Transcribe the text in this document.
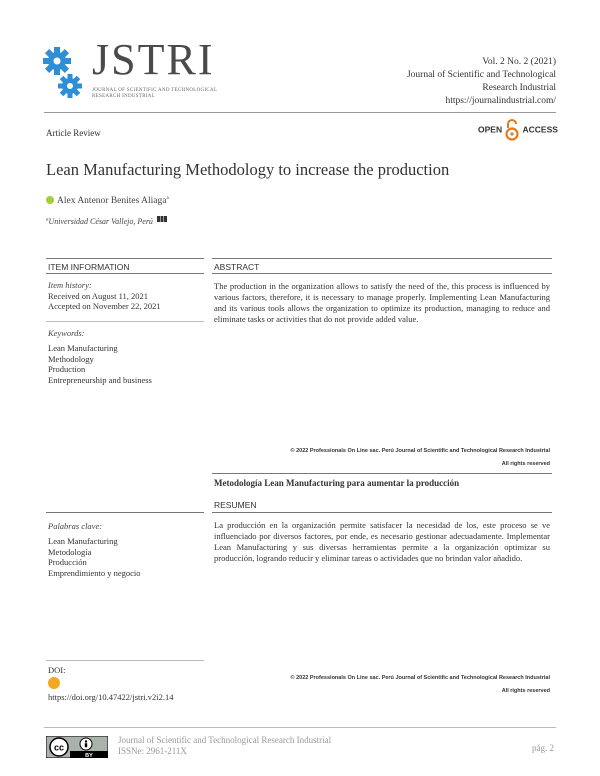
JSTRI
JOURNAL OF SCIENTIFIC AND TECHNOLOGICAL RESEARCH INDUSTRIAL
Vol. 2 No. 2 (2021)
Journal of Scientific and Technological
Research Industrial
https://journalindustrial.com/
Article Review	OPEN ACCESS
Lean Manufacturing Methodology to increase the production
Alex Antenor Benites Aliaga$^a$
$^a$Universidad César Vallejo, Perú
ITEM INFORMATION	ABSTRACT
Item history:
Received on August 11, 2021
Accepted on November 22, 2021
Keywords:
Lean Manufacturing
Methodology
Production
Entrepreneurship and business
The production in the organization allows to satisfy the need of the, this process is influenced by various factors, therefore, it is necessary to manage properly. Implementing Lean Manufacturing and its various tools allows the organization to optimize its production, managing to reduce and eliminate tasks or activities that do not provide added value.
© 2022 Professionals On Line sac. Perú Journal of Scientific and Technological Research Industrial
All rights reserved
Metodología Lean Manufacturing para aumentar la producción
RESUMEN
Palabras clave:
Lean Manufacturing
Metodología
Producción
Emprendimiento y negocio
La producción en la organización permite satisfacer la necesidad de los, este proceso se ve influenciado por diversos factores, por ende, es necesario gestionar adecuadamente. Implementar Lean Manufacturing y sus diversas herramientas permite a la organización optimizar su producción, logrando reducir y eliminar tareas o actividades que no brindan valor añadido.
DOI:
https://doi.org/10.47422/jstri.v2i2.14
© 2022 Professionals On Line sac. Perú Journal of Scientific and Technological Research Industrial
All rights reserved
cc
BY
Journal of Scientific and Technological Research Industrial
ISSNe: 2961-211X	pág. 2
